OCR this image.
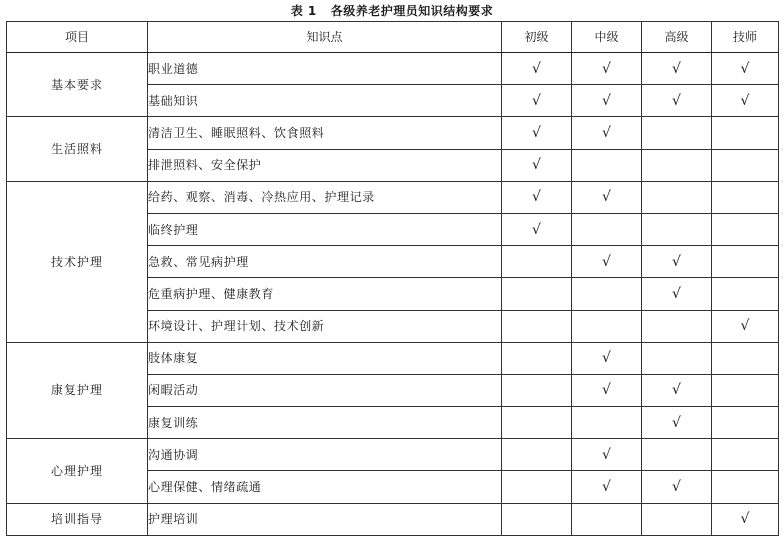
表 1 各级养老护理员知识结构要求
项目	知识点	初级	中级	高级	技师
基本要求	职业道德	√	√	√	√
	基础知识	√	√	√	√
生活照料	清洁卫生、睡眠照料、饮食照料	√	√		
	排泄照料、安全保护	√			
技术护理	给药、观察、消毒、冷热应用、护理记录	√	√		
	临终护理	√			
	急救、常见病护理		√	√	
	危重病护理、健康教育			√	
	环境设计、护理计划、技术创新				√
康复护理	肢体康复		√		
	闲暇活动		√	√	
	康复训练			√	
心理护理	沟通协调		√		
	心理保健、情绪疏通		√	√	
培训指导	护理培训				√
